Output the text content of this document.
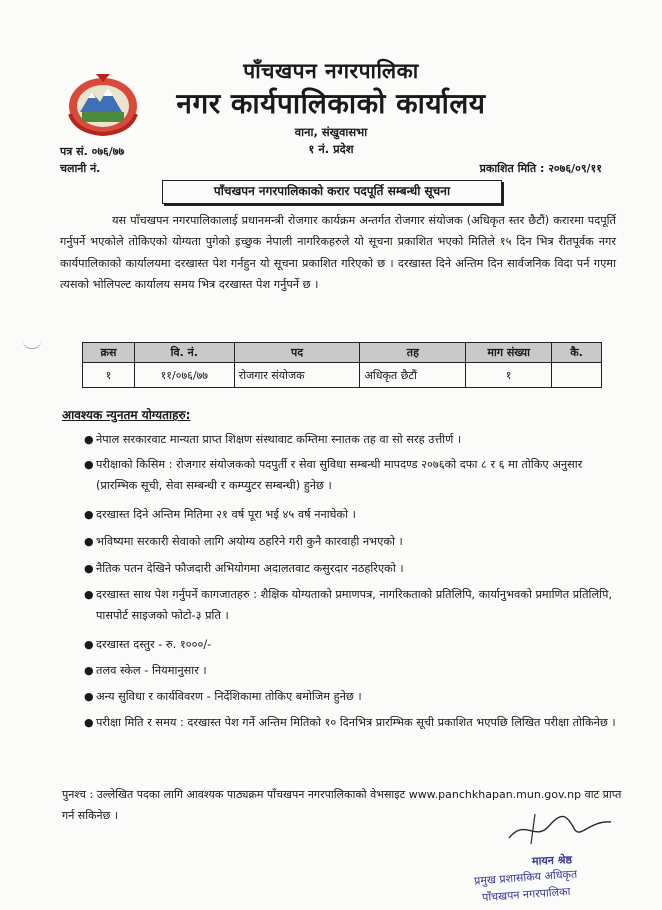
पाँचखपन नगरपालिका
नगर कार्यपालिकाको कार्यालय
वाना, संखुवासभा
१ नं. प्रदेश
पत्र सं. ०७६/७७
चलानी नं.	प्रकाशित मिति : २०७६/०९/११
पाँचखपन नगरपालिकाको करार पदपूर्ति सम्बन्धी सूचना
यस पाँचखपन नगरपालिकालाई प्रधानमन्त्री रोजगार कार्यक्रम अन्तर्गत रोजगार संयोजक (अधिकृत स्तर छैटौं) करारमा पदपूर्ति गर्नुपर्ने भएकोले तोकिएको योग्यता पुगेको इच्छुक नेपाली नागरिकहरुले यो सूचना प्रकाशित भएको मितिले १५ दिन भित्र रीतपूर्वक नगर कार्यपालिकाको कार्यालयमा दरखास्त पेश गर्नहुन यो सूचना प्रकाशित गरिएको छ । दरखास्त दिने अन्तिम दिन सार्वजनिक विदा पर्न गएमा त्यसको भोलिपल्ट कार्यालय समय भित्र दरखास्त पेश गर्नुपर्ने छ ।
क्रस	वि. नं.	पद	तह	माग संख्या	कै.
१	११/०७६/७७	रोजगार संयोजक	अधिकृत छैटौं	१	
आवश्यक न्युनतम योग्यताहरु:
● नेपाल सरकारवाट मान्यता प्राप्त शिक्षण संस्थावाट कम्तिमा स्नातक तह वा सो सरह उत्तीर्ण ।
● परीक्षाको किसिम : रोजगार संयोजकको पदपुर्ती र सेवा सुविधा सम्बन्धी मापदण्ड २०७६को दफा ८ र ६ मा तोकिए अनुसार (प्रारम्भिक सूची, सेवा सम्बन्धी र कम्प्युटर सम्बन्धी) हुनेछ ।
● दरखास्त दिने अन्तिम मितिमा २१ वर्ष पूरा भई ४५ वर्ष ननाघेको ।
● भविष्यमा सरकारी सेवाको लागि अयोग्य ठहरिने गरी कुनै कारवाही नभएको ।
● नैतिक पतन देखिने फौजदारी अभियोगमा अदालतवाट कसुरदार नठहरिएको ।
● दरखास्त साथ पेश गर्नुपर्ने कागजातहरु : शैक्षिक योग्यताको प्रमाणपत्र, नागरिकताको प्रतिलिपि, कार्यानुभवको प्रमाणित प्रतिलिपि, पासपोर्ट साइजको फोटो-३ प्रति ।
● दरखास्त दस्तुर - रु. १०००/-
● तलव स्केल - नियमानुसार ।
● अन्य सुविधा र कार्यविवरण - निर्देशिकामा तोकिए बमोजिम हुनेछ ।
● परीक्षा मिति र समय : दरखास्त पेश गर्ने अन्तिम मितिको १० दिनभित्र प्रारम्भिक सूची प्रकाशित भएपछि लिखित परीक्षा तोकिनेछ ।
पुनश्च : उल्लेखित पदका लागि आवश्यक पाठ्यक्रम पाँचखपन नगरपालिकाको वेभसाइट www.panchkhapan.mun.gov.np वाट प्राप्त गर्न सकिनेछ ।
मायन श्रेष्ठ
प्रमुख प्रशासकिय अधिकृत
पाँचखपन नगरपालिका
